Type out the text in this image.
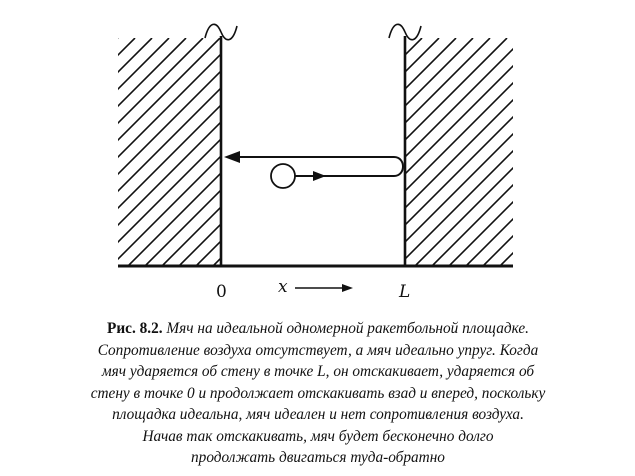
0	x	L
Рис. 8.2. Мяч на идеальной одномерной ракетбольной площадке.
Сопротивление воздуха отсутствует, а мяч идеально упруг. Когда
мяч ударяется об стену в точке L, он отскакивает, ударяется об
стену в точке 0 и продолжает отскакивать взад и вперед, поскольку
площадка идеальна, мяч идеален и нет сопротивления воздуха.
Начав так отскакивать, мяч будет бесконечно долго
продолжать двигаться туда-обратно
